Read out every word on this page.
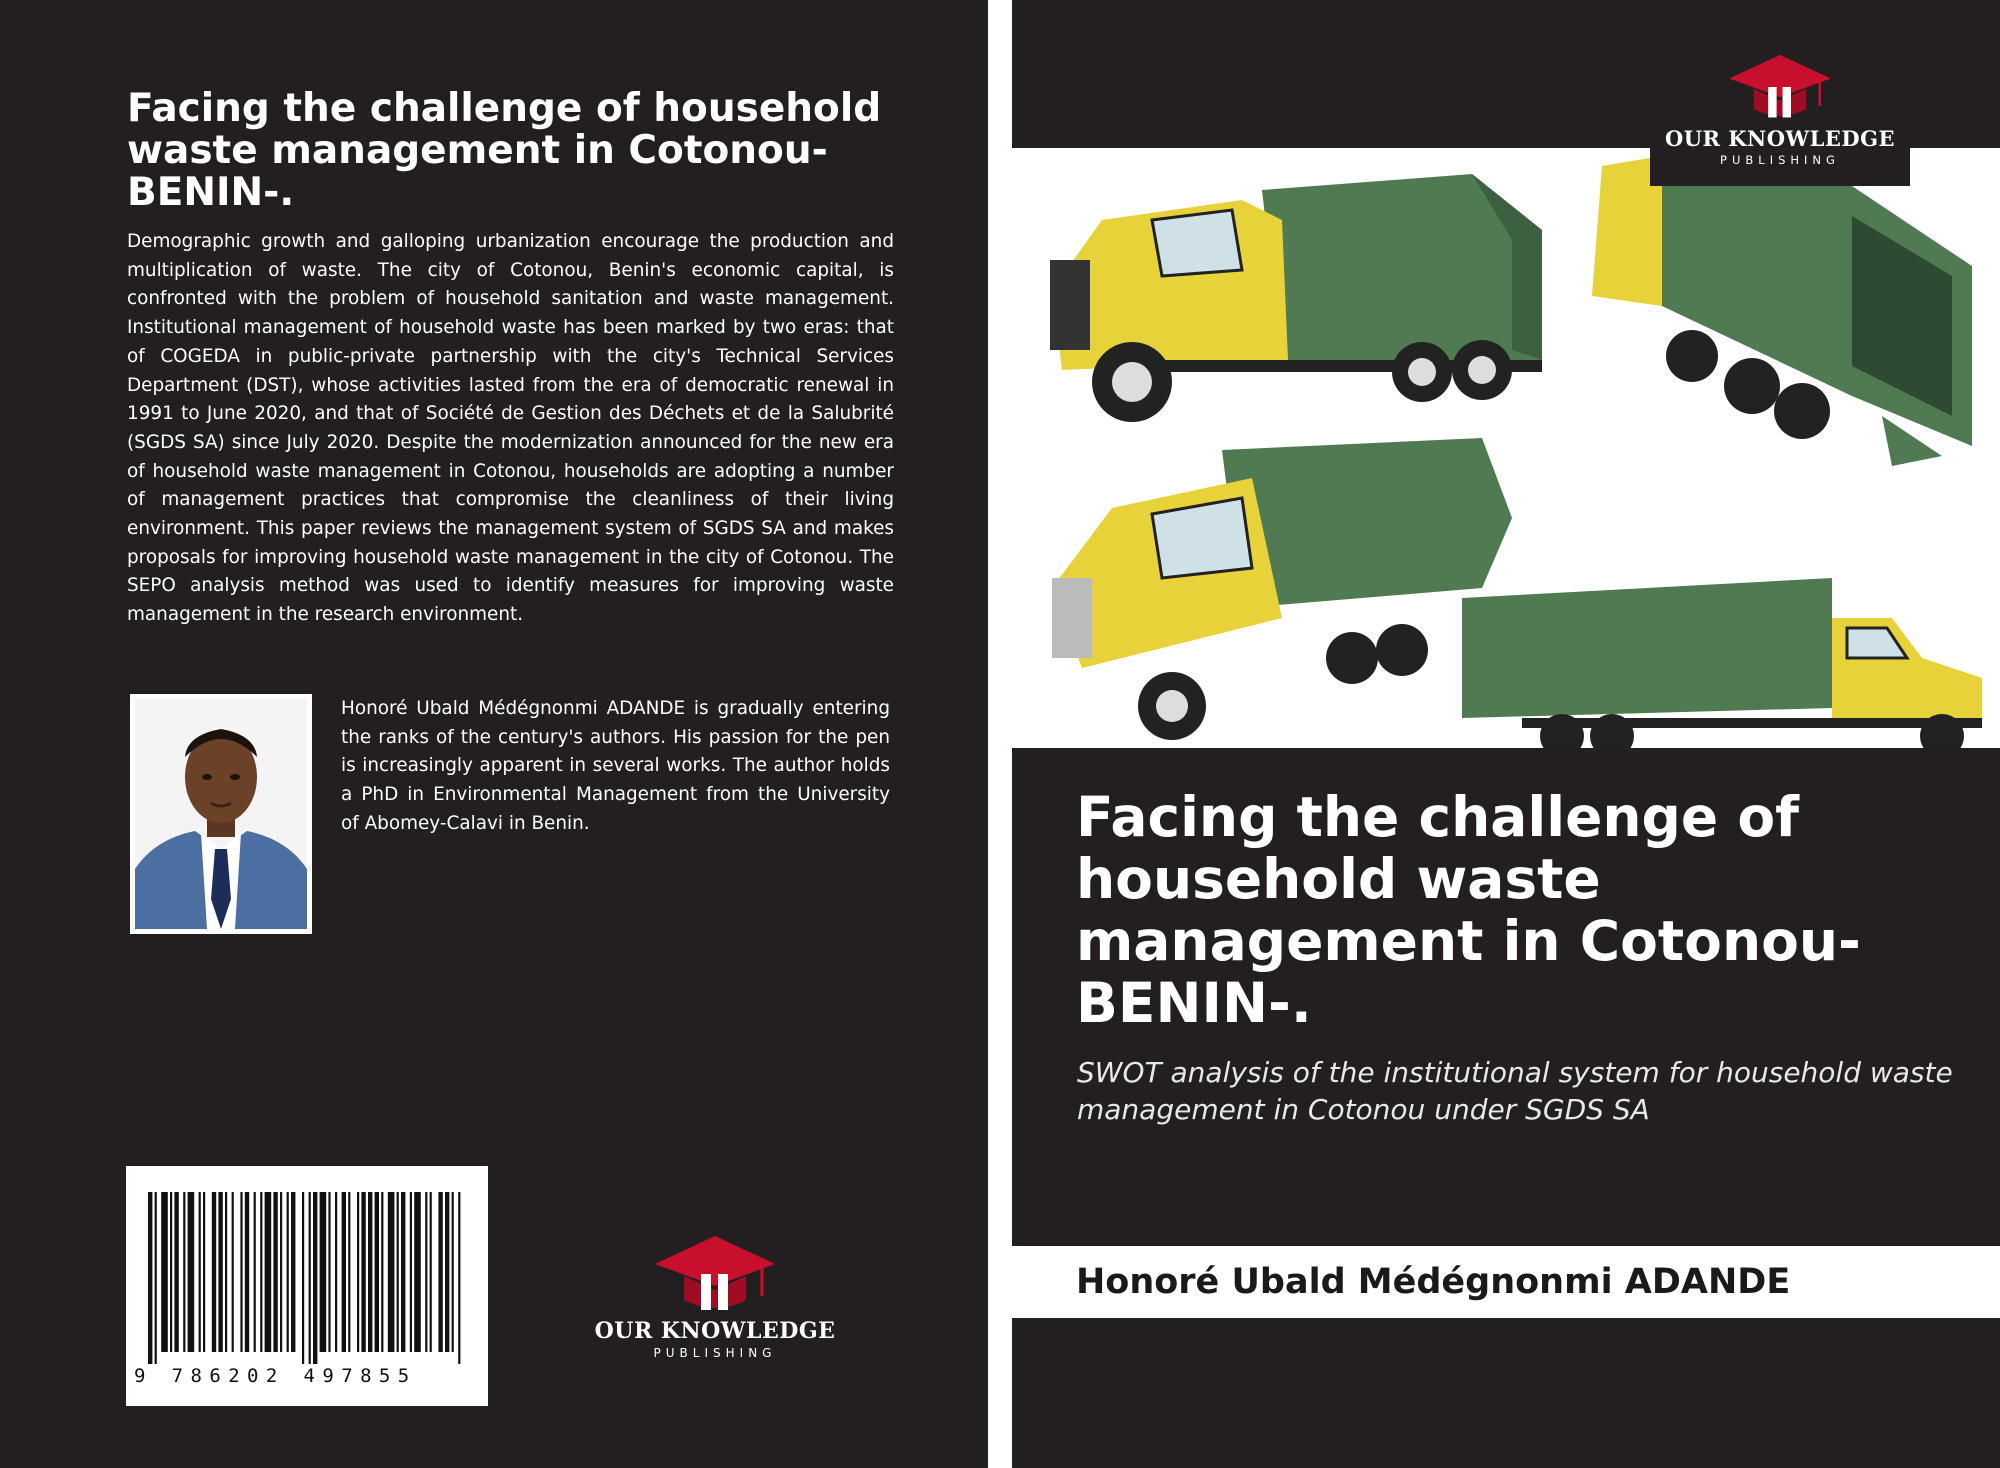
Facing the challenge of household waste management in Cotonou-BENIN-.

Demographic growth and galloping urbanization encourage the production and multiplication of waste. The city of Cotonou, Benin's economic capital, is confronted with the problem of household sanitation and waste management. Institutional management of household waste has been marked by two eras: that of COGEDA in public-private partnership with the city's Technical Services Department (DST), whose activities lasted from the era of democratic renewal in 1991 to June 2020, and that of Société de Gestion des Déchets et de la Salubrité (SGDS SA) since July 2020. Despite the modernization announced for the new era of household waste management in Cotonou, households are adopting a number of management practices that compromise the cleanliness of their living environment. This paper reviews the management system of SGDS SA and makes proposals for improving household waste management in the city of Cotonou. The SEPO analysis method was used to identify measures for improving waste management in the research environment.

Honoré Ubald Médégnonmi ADANDE is gradually entering the ranks of the century's authors. His passion for the pen is increasingly apparent in several works. The author holds a PhD in Environmental Management from the University of Abomey-Calavi in Benin.

9 786202 497855
OUR KNOWLEDGE
PUBLISHING
OUR KNOWLEDGE
PUBLISHING
Facing the challenge of household waste management in Cotonou-BENIN-.

SWOT analysis of the institutional system for household waste management in Cotonou under SGDS SA

Honoré Ubald Médégnonmi ADANDE
